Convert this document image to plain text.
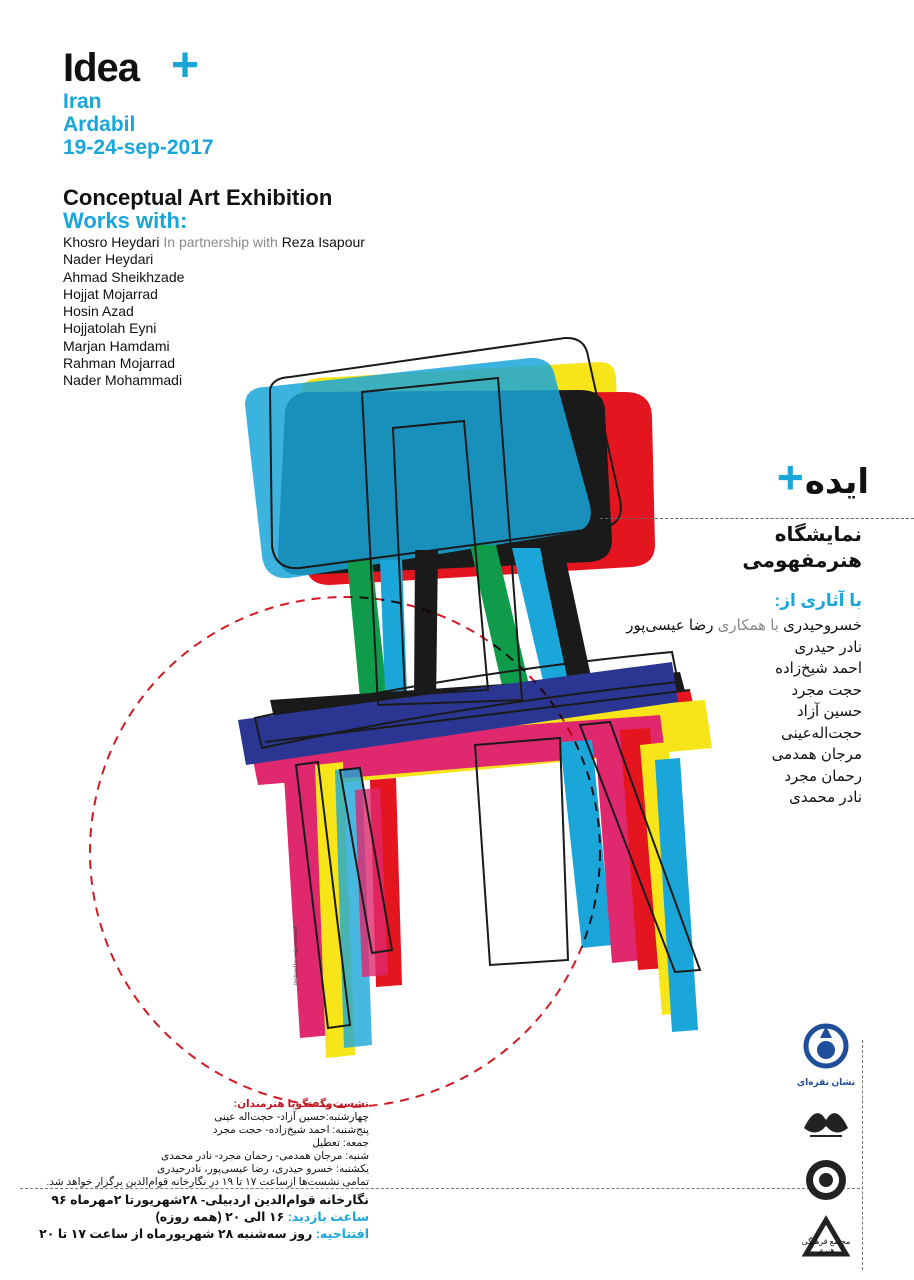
Idea +
Iran
Ardabil
19-24-sep-2017
Conceptual Art Exhibition
Works with:
Khosro Heydari In partnership with Reza Isapour
Nader Heydari
Ahmad Sheikhzade
Hojjat Mojarrad
Hosin Azad
Hojjatolah Eyni
Marjan Hamdami
Rahman Mojarrad
Nader Mohammadi
Designed by: Hojjat Mojarrad
+ ایده
نمایشگاه
هنرمفهومی
با آثاری از:
خسروحیدری با همکاری رضا عیسی‌پور
نادر حیدری
احمد شیخ‌زاده
حجت مجرد
حسین آزاد
حجت‌اله‌عینی
مرجان همدمی
رحمان مجرد
نادر محمدی
نشست‌وگفتگوبا هنرمندان:
چهارشنبه:حسین آزاد- حجت‌اله عینی
پنج‌شنبه: احمد شیخ‌زاده- حجت مجرد
جمعه: تعطیل
شنبه: مرجان همدمی- رحمان مجرد- نادر محمدی
یکشنبه: خسرو حیدری، رضا عیسی‌پور، نادرحیدری
تمامی نشست‌ها ازساعت ۱۷ تا ۱۹ در نگارخانه قوام‌الدین برگزار خواهد شد.
نگارخانه قوام‌الدین اردبیلی- ۲۸شهریورتا ۲مهرماه ۹۶
ساعت بازدید: ۱۶ الی ۲۰ (همه روزه)
افتتاحیه: روز سه‌شنبه ۲۸ شهریورماه از ساعت ۱۷ تا ۲۰
نشان نقره‌ای

مجتمع فرهنگی هنری
